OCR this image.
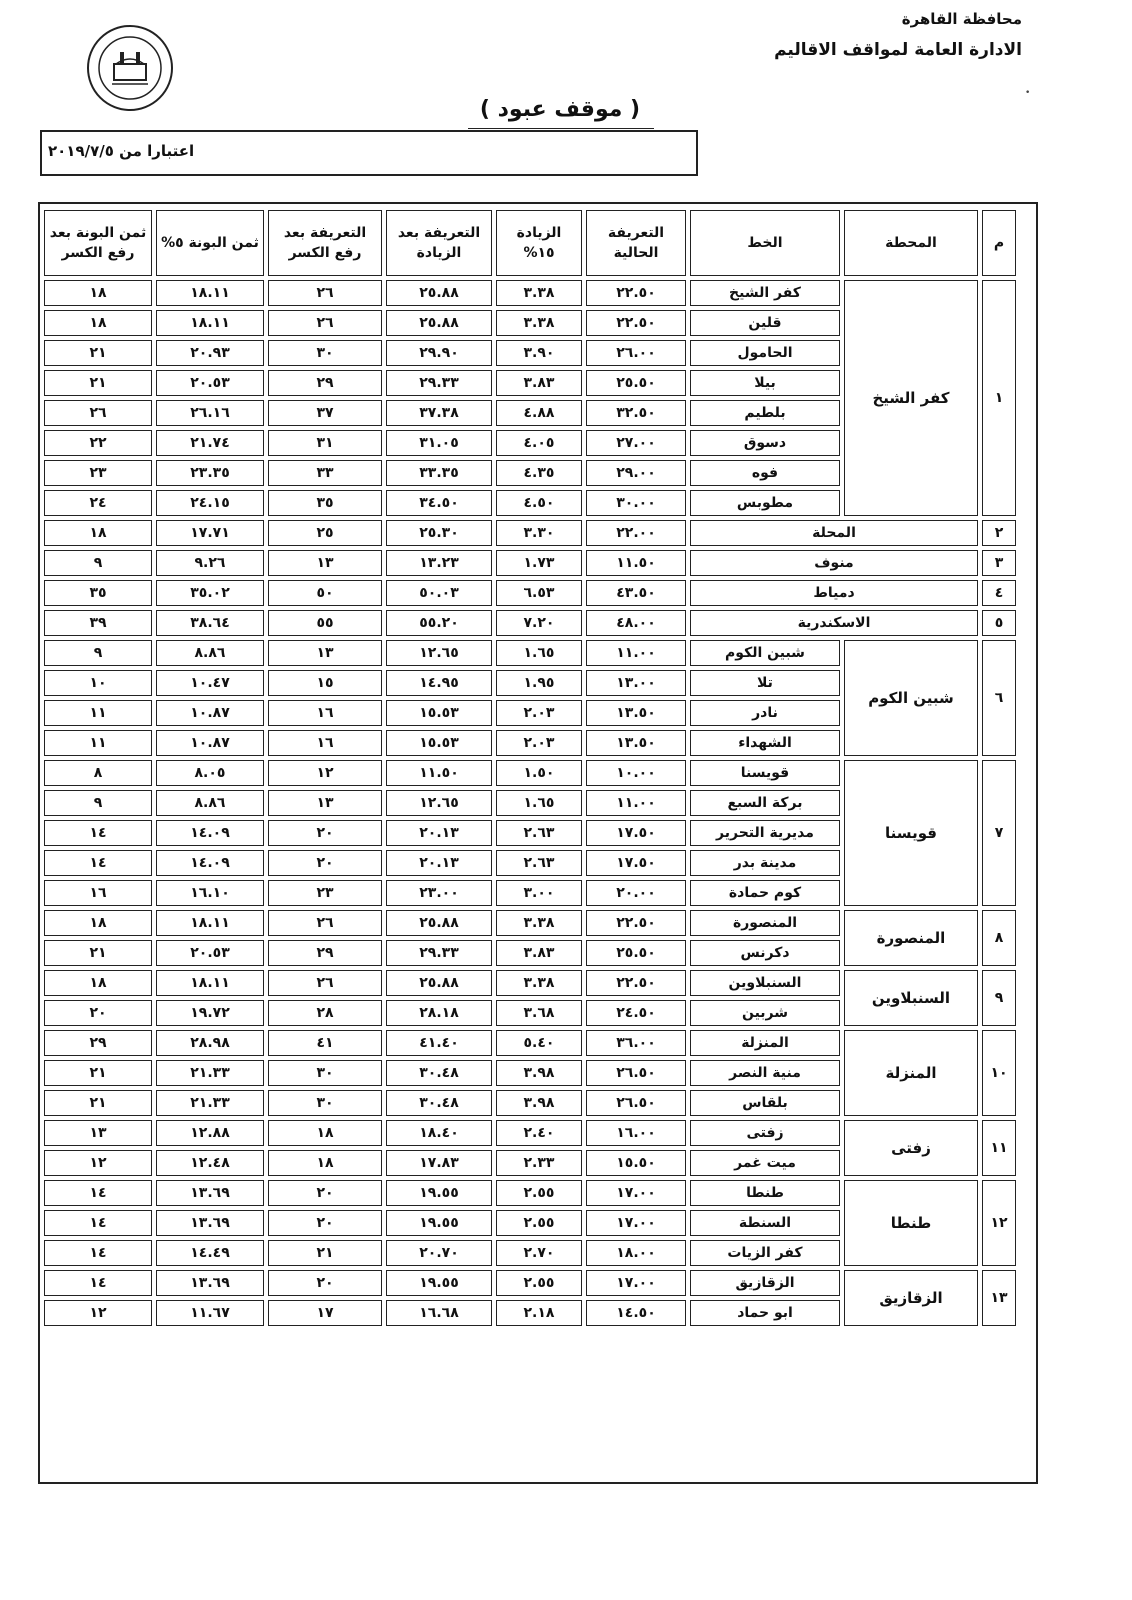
محافظة القاهرة
الادارة العامة لمواقف الاقاليم
•
( موقف عبود )
اعتبارا من ٢٠١٩/٧/٥
م	المحطة	الخط	التعريفة الحالية	الزيادة ١٥%	التعريفة بعد الزيادة	التعريفة بعد رفع الكسر	ثمن البونة ٥%	ثمن البونة بعد رفع الكسر
١	كفر الشيخ	كفر الشيخ	٢٢.٥٠	٣.٣٨	٢٥.٨٨	٢٦	١٨.١١	١٨
		قلين	٢٢.٥٠	٣.٣٨	٢٥.٨٨	٢٦	١٨.١١	١٨
		الحامول	٢٦.٠٠	٣.٩٠	٢٩.٩٠	٣٠	٢٠.٩٣	٢١
		بيلا	٢٥.٥٠	٣.٨٣	٢٩.٣٣	٢٩	٢٠.٥٣	٢١
		بلطيم	٣٢.٥٠	٤.٨٨	٣٧.٣٨	٣٧	٢٦.١٦	٢٦
		دسوق	٢٧.٠٠	٤.٠٥	٣١.٠٥	٣١	٢١.٧٤	٢٢
		فوه	٢٩.٠٠	٤.٣٥	٣٣.٣٥	٣٣	٢٣.٣٥	٢٣
		مطوبس	٣٠.٠٠	٤.٥٠	٣٤.٥٠	٣٥	٢٤.١٥	٢٤
٢	المحلة		٢٢.٠٠	٣.٣٠	٢٥.٣٠	٢٥	١٧.٧١	١٨
٣	منوف		١١.٥٠	١.٧٣	١٣.٢٣	١٣	٩.٢٦	٩
٤	دمياط		٤٣.٥٠	٦.٥٣	٥٠.٠٣	٥٠	٣٥.٠٢	٣٥
٥	الاسكندرية		٤٨.٠٠	٧.٢٠	٥٥.٢٠	٥٥	٣٨.٦٤	٣٩
٦	شبين الكوم	شبين الكوم	١١.٠٠	١.٦٥	١٢.٦٥	١٣	٨.٨٦	٩
		تلا	١٣.٠٠	١.٩٥	١٤.٩٥	١٥	١٠.٤٧	١٠
		نادر	١٣.٥٠	٢.٠٣	١٥.٥٣	١٦	١٠.٨٧	١١
		الشهداء	١٣.٥٠	٢.٠٣	١٥.٥٣	١٦	١٠.٨٧	١١
٧	قويسنا	قويسنا	١٠.٠٠	١.٥٠	١١.٥٠	١٢	٨.٠٥	٨
		بركة السبع	١١.٠٠	١.٦٥	١٢.٦٥	١٣	٨.٨٦	٩
		مديرية التحرير	١٧.٥٠	٢.٦٣	٢٠.١٣	٢٠	١٤.٠٩	١٤
		مدينة بدر	١٧.٥٠	٢.٦٣	٢٠.١٣	٢٠	١٤.٠٩	١٤
		كوم حمادة	٢٠.٠٠	٣.٠٠	٢٣.٠٠	٢٣	١٦.١٠	١٦
٨	المنصورة	المنصورة	٢٢.٥٠	٣.٣٨	٢٥.٨٨	٢٦	١٨.١١	١٨
		دكرنس	٢٥.٥٠	٣.٨٣	٢٩.٣٣	٢٩	٢٠.٥٣	٢١
٩	السنبلاوين	السنبلاوين	٢٢.٥٠	٣.٣٨	٢٥.٨٨	٢٦	١٨.١١	١٨
		شربين	٢٤.٥٠	٣.٦٨	٢٨.١٨	٢٨	١٩.٧٢	٢٠
١٠	المنزلة	المنزلة	٣٦.٠٠	٥.٤٠	٤١.٤٠	٤١	٢٨.٩٨	٢٩
		منية النصر	٢٦.٥٠	٣.٩٨	٣٠.٤٨	٣٠	٢١.٣٣	٢١
		بلقاس	٢٦.٥٠	٣.٩٨	٣٠.٤٨	٣٠	٢١.٣٣	٢١
١١	زفتى	زفتى	١٦.٠٠	٢.٤٠	١٨.٤٠	١٨	١٢.٨٨	١٣
		ميت غمر	١٥.٥٠	٢.٣٣	١٧.٨٣	١٨	١٢.٤٨	١٢
١٢	طنطا	طنطا	١٧.٠٠	٢.٥٥	١٩.٥٥	٢٠	١٣.٦٩	١٤
		السنطة	١٧.٠٠	٢.٥٥	١٩.٥٥	٢٠	١٣.٦٩	١٤
		كفر الزيات	١٨.٠٠	٢.٧٠	٢٠.٧٠	٢١	١٤.٤٩	١٤
١٣	الزقازيق	الزقازيق	١٧.٠٠	٢.٥٥	١٩.٥٥	٢٠	١٣.٦٩	١٤
		ابو حماد	١٤.٥٠	٢.١٨	١٦.٦٨	١٧	١١.٦٧	١٢
